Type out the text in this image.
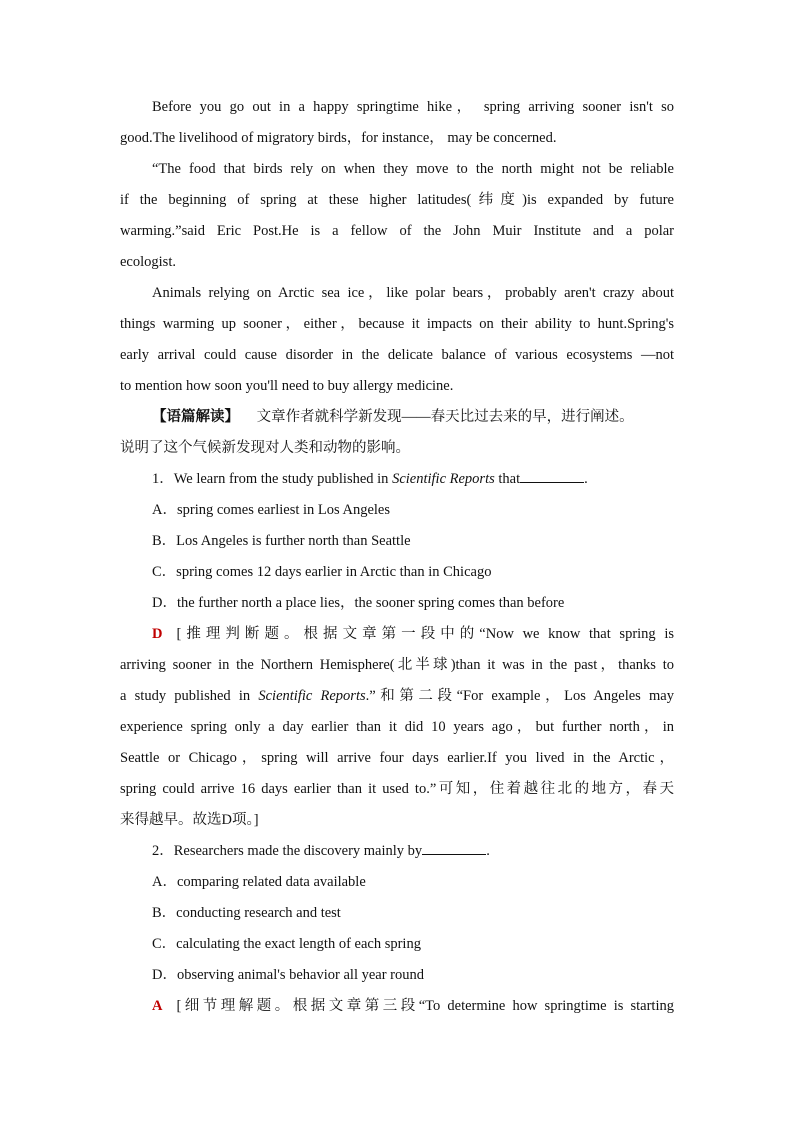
Before you go out in a happy springtime hike， spring arriving sooner isn't so
good.The livelihood of migratory birds，for instance， may be concerned.
“The food that birds rely on when they move to the north might not be reliable
if the beginning of spring at these higher latitudes(纬度)is expanded by future
warming.”said Eric Post.He is a fellow of the John Muir Institute and a polar
ecologist.
Animals relying on Arctic sea ice，like polar bears，probably aren't crazy about
things warming up sooner，either，because it impacts on their ability to hunt.Spring's
early arrival could cause disorder in the delicate balance of various ecosystems —not
to mention how soon you'll need to buy allergy medicine.
【语篇解读】 文章作者就科学新发现——春天比过去来的早，进行阐述。
说明了这个气候新发现对人类和动物的影响。
1．We learn from the study published in Scientific Reports that	.
A．spring comes earliest in Los Angeles
B．Los Angeles is further north than Seattle
C．spring comes 12 days earlier in Arctic than in Chicago
D．the further north a place lies，the sooner spring comes than before
D [推理判断题。根据文章第一段中的“Now we know that spring is
arriving sooner in the Northern Hemisphere(北半球)than it was in the past，thanks to
a study published in Scientific Reports.”和第二段“For example，Los Angeles may
experience spring only a day earlier than it did 10 years ago，but further north，in
Seattle or Chicago，spring will arrive four days earlier.If you lived in the Arctic，
spring could arrive 16 days earlier than it used to.”可知，住着越往北的地方，春天
来得越早。故选D项。]
2．Researchers made the discovery mainly by	.
A．comparing related data available
B．conducting research and test
C．calculating the exact length of each spring
D．observing animal's behavior all year round
A [细节理解题。根据文章第三段“To determine how springtime is starting
